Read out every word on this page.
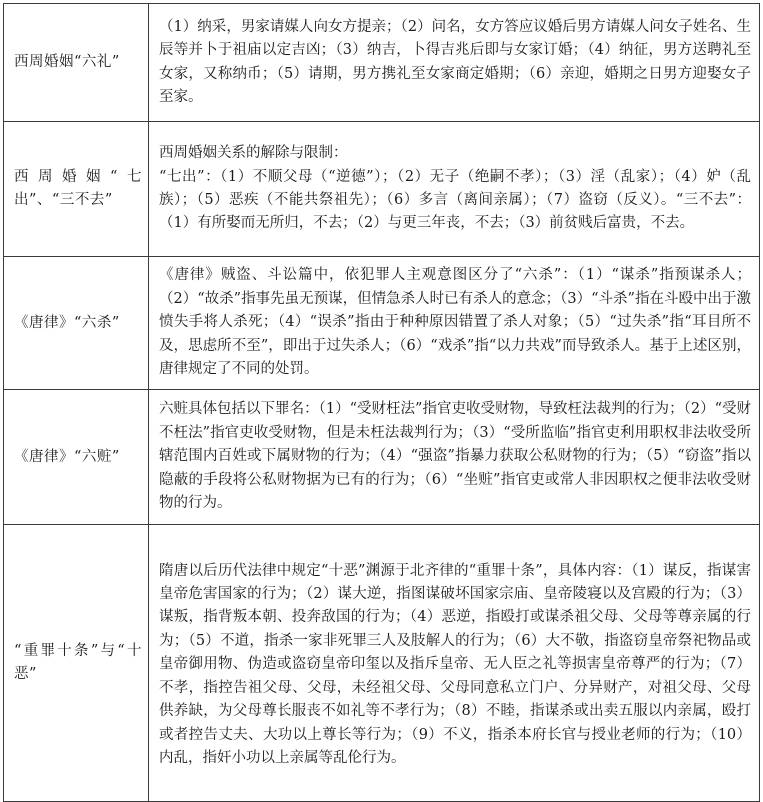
西周婚姻“六礼”	（1）纳采，男家请媒人向女方提亲；（2）问名，女方答应议婚后男方请媒人问女子姓名、生辰等并卜于祖庙以定吉凶；（3）纳吉，卜得吉兆后即与女家订婚；（4）纳征，男方送聘礼至女家，又称纳币；（5）请期，男方携礼至女家商定婚期；（6）亲迎，婚期之日男方迎娶女子至家。
西周婚姻“七出”、“三不去”	西周婚姻关系的解除与限制：
“七出”：（1）不顺父母（“逆德”）；（2）无子（绝嗣不孝）；（3）淫（乱家）；（4）妒（乱族）；（5）恶疾（不能共祭祖先）；（6）多言（离间亲属）；（7）盗窃（反义）。“三不去”：（1）有所娶而无所归，不去；（2）与更三年丧，不去；（3）前贫贱后富贵，不去。
《唐律》“六杀”	《唐律》贼盗、斗讼篇中，依犯罪人主观意图区分了“六杀”：（1）“谋杀”指预谋杀人；（2）“故杀”指事先虽无预谋，但情急杀人时已有杀人的意念；（3）“斗杀”指在斗殴中出于激愤失手将人杀死；（4）“误杀”指由于种种原因错置了杀人对象；（5）“过失杀”指“耳目所不及，思虑所不至”，即出于过失杀人；（6）“戏杀”指“以力共戏”而导致杀人。基于上述区别，唐律规定了不同的处罚。
《唐律》“六赃”	六赃具体包括以下罪名：（1）“受财枉法”指官吏收受财物，导致枉法裁判的行为；（2）“受财不枉法”指官吏收受财物，但是未枉法裁判行为；（3）“受所监临”指官吏利用职权非法收受所辖范围内百姓或下属财物的行为；（4）“强盗”指暴力获取公私财物的行为；（5）“窃盗”指以隐蔽的手段将公私财物据为已有的行为；（6）“坐赃”指官吏或常人非因职权之便非法收受财物的行为。
“重罪十条”与“十恶”	隋唐以后历代法律中规定“十恶”渊源于北齐律的“重罪十条”，具体内容：（1）谋反，指谋害皇帝危害国家的行为；（2）谋大逆，指图谋破坏国家宗庙、皇帝陵寝以及宫殿的行为；（3）谋叛，指背叛本朝、投奔敌国的行为；（4）恶逆，指殴打或谋杀祖父母、父母等尊亲属的行为；（5）不道，指杀一家非死罪三人及肢解人的行为；（6）大不敬，指盗窃皇帝祭祀物品或皇帝御用物、伪造或盗窃皇帝印玺以及指斥皇帝、无人臣之礼等损害皇帝尊严的行为；（7）不孝，指控告祖父母、父母，未经祖父母、父母同意私立门户、分异财产，对祖父母、父母供养缺，为父母尊长服丧不如礼等不孝行为；（8）不睦，指谋杀或出卖五服以内亲属，殴打或者控告丈夫、大功以上尊长等行为；（9）不义，指杀本府长官与授业老师的行为；（10）内乱，指奸小功以上亲属等乱伦行为。
